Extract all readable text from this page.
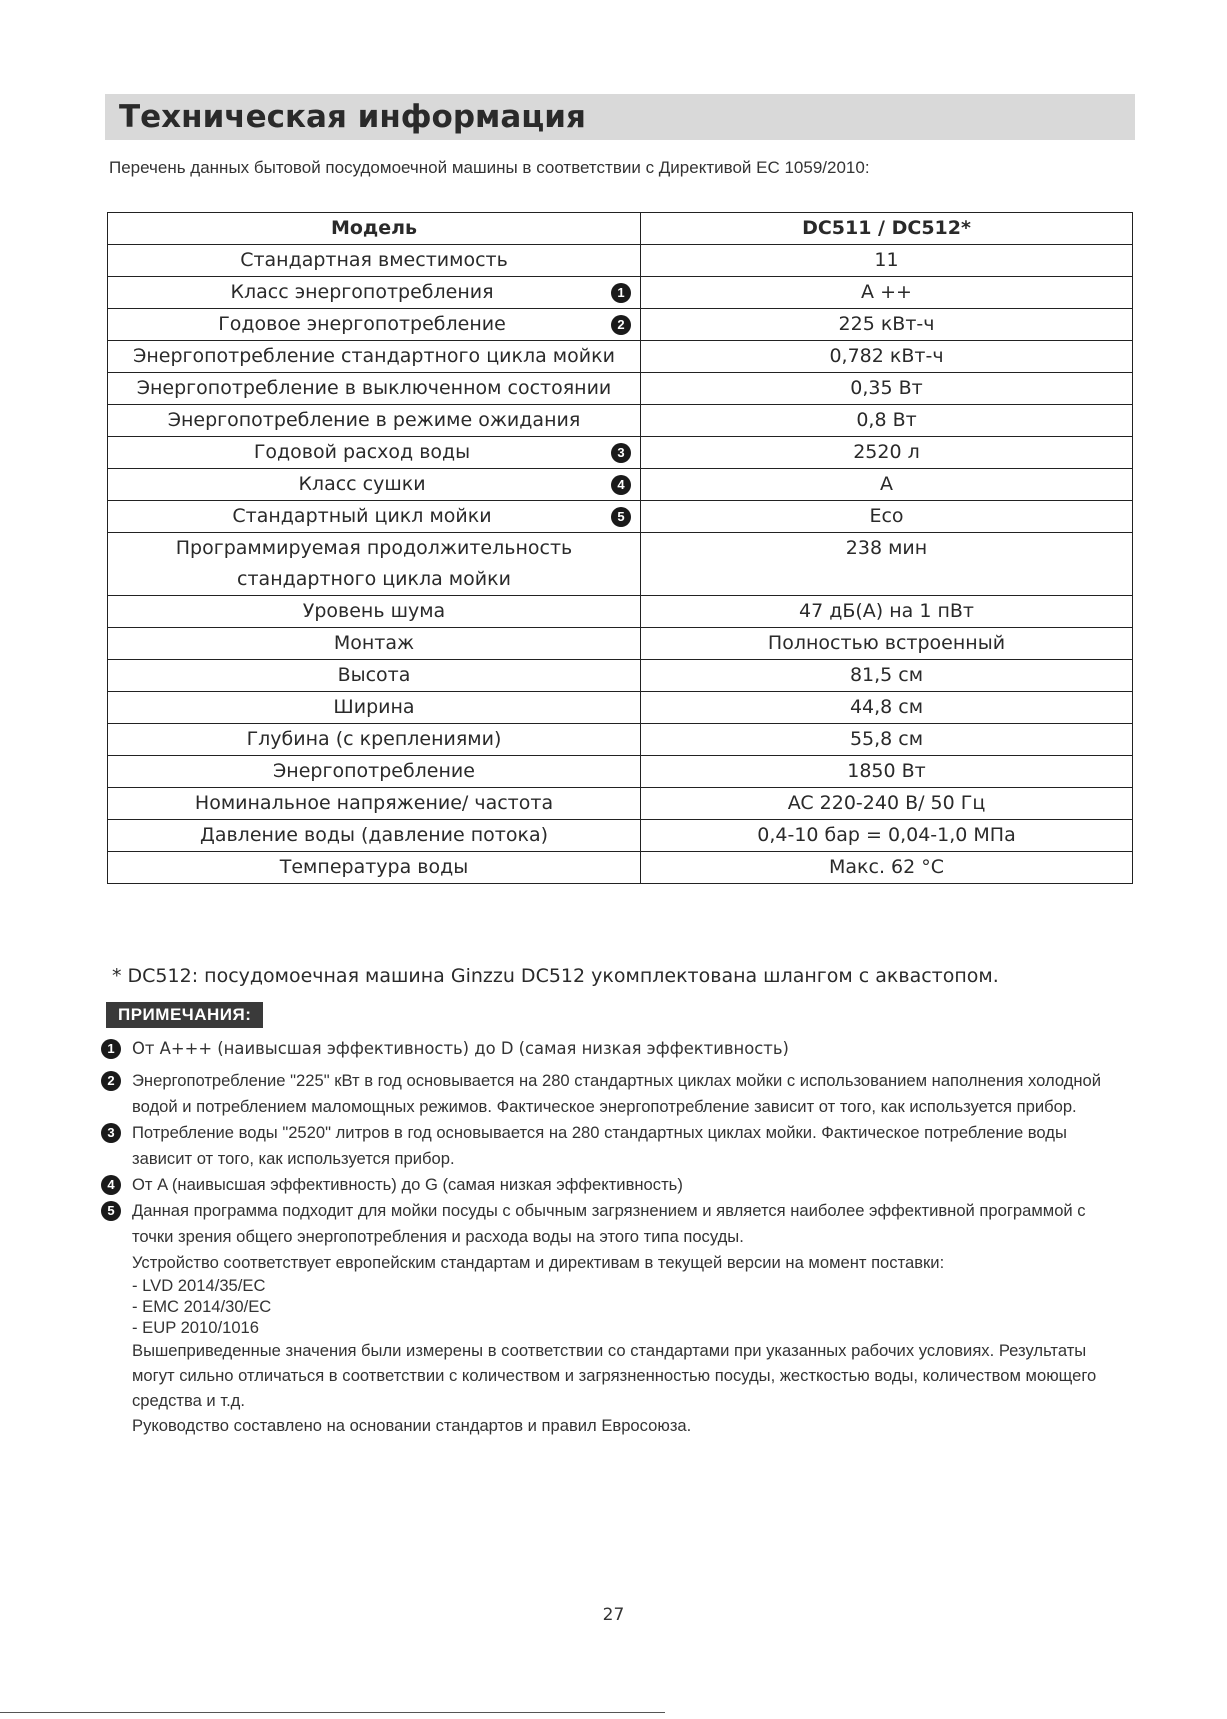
Техническая информация
Перечень данных бытовой посудомоечной машины в соответствии с Директивой ЕС 1059/2010:
Модель	DC511 / DC512*
Стандартная вместимость	11
Класс энергопотребления 1	A ++
Годовое энергопотребление 2	225 кВт-ч
Энергопотребление стандартного цикла мойки	0,782 кВт-ч
Энергопотребление в выключенном состоянии	0,35 Вт
Энергопотребление в режиме ожидания	0,8 Вт
Годовой расход воды 3	2520 л
Класс сушки 4	A
Стандартный цикл мойки 5	Eco
Программируемая продолжительность стандартного цикла мойки	238 мин
Уровень шума	47 дБ(A) на 1 пВт
Монтаж	Полностью встроенный
Высота	81,5 см
Ширина	44,8 см
Глубина (с креплениями)	55,8 см
Энергопотребление	1850 Вт
Номинальное напряжение/ частота	AC 220-240 В/ 50 Гц
Давление воды (давление потока)	0,4-10 бар = 0,04-1,0 МПа
Температура воды	Макс. 62 °C
* DC512: посудомоечная машина Ginzzu DC512 укомплектована шлангом с аквастопом.
ПРИМЕЧАНИЯ:
1	От A+++ (наивысшая эффективность) до D (самая низкая эффективность)
2	Энергопотребление "225" кВт в год основывается на 280 стандартных циклах мойки с использованием наполнения холодной водой и потреблением маломощных режимов. Фактическое энергопотребление зависит от того, как используется прибор.
3	Потребление воды "2520" литров в год основывается на 280 стандартных циклах мойки. Фактическое потребление воды зависит от того, как используется прибор.
4	От A (наивысшая эффективность) до G (самая низкая эффективность)
5	Данная программа подходит для мойки посуды с обычным загрязнением и является наиболее эффективной программой с точки зрения общего энергопотребления и расхода воды на этого типа посуды.
Устройство соответствует европейским стандартам и директивам в текущей версии на момент поставки:
- LVD 2014/35/EC
- EMC 2014/30/EC
- EUP 2010/1016
Вышеприведенные значения были измерены в соответствии со стандартами при указанных рабочих условиях. Результаты могут сильно отличаться в соответствии с количеством и загрязненностью посуды, жесткостью воды, количеством моющего средства и т.д.
Руководство составлено на основании стандартов и правил Евросоюза.
27
